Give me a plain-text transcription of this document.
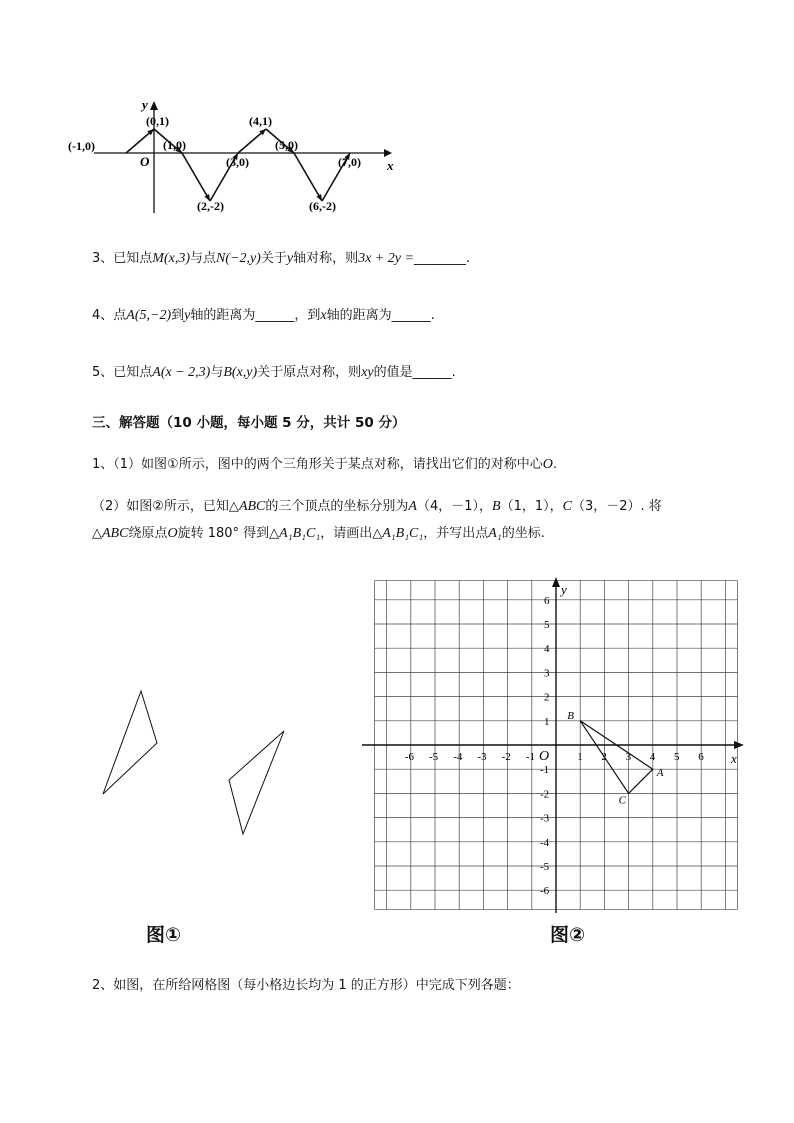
x
y
O
(-1,0)
(0,1)
(1,0)
(2,-2)
(3,0)
(4,1)
(5,0)
(6,-2)
(7,0)
3、已知点M(x,3)与点N(−2,y)关于y轴对称，则3x + 2y =________.
4、点A(5,−2)到y轴的距离为______，到x轴的距离为______.
5、已知点A(x − 2,3)与B(x,y)关于原点对称，则xy的值是______.
三、解答题（10 小题，每小题 5 分，共计 50 分）
1、（1）如图①所示，图中的两个三角形关于某点对称，请找出它们的对称中心O.
（2）如图②所示，已知△ABC的三个顶点的坐标分别为A（4，－1），B（1，1），C（3，－2）. 将
△ABC绕原点O旋转 180° 得到△A₁B₁C₁，请画出△A₁B₁C₁，并写出点A₁的坐标.
图①
-6 -5 -4 -3 -2 -1	1 2 3 4 5 6
6
5
4
3
2
1
-1
-2
-3
-4
-5
-6
A
B
C
x
y
O
图②
2、如图，在所给网格图（每小格边长均为 1 的正方形）中完成下列各题：
